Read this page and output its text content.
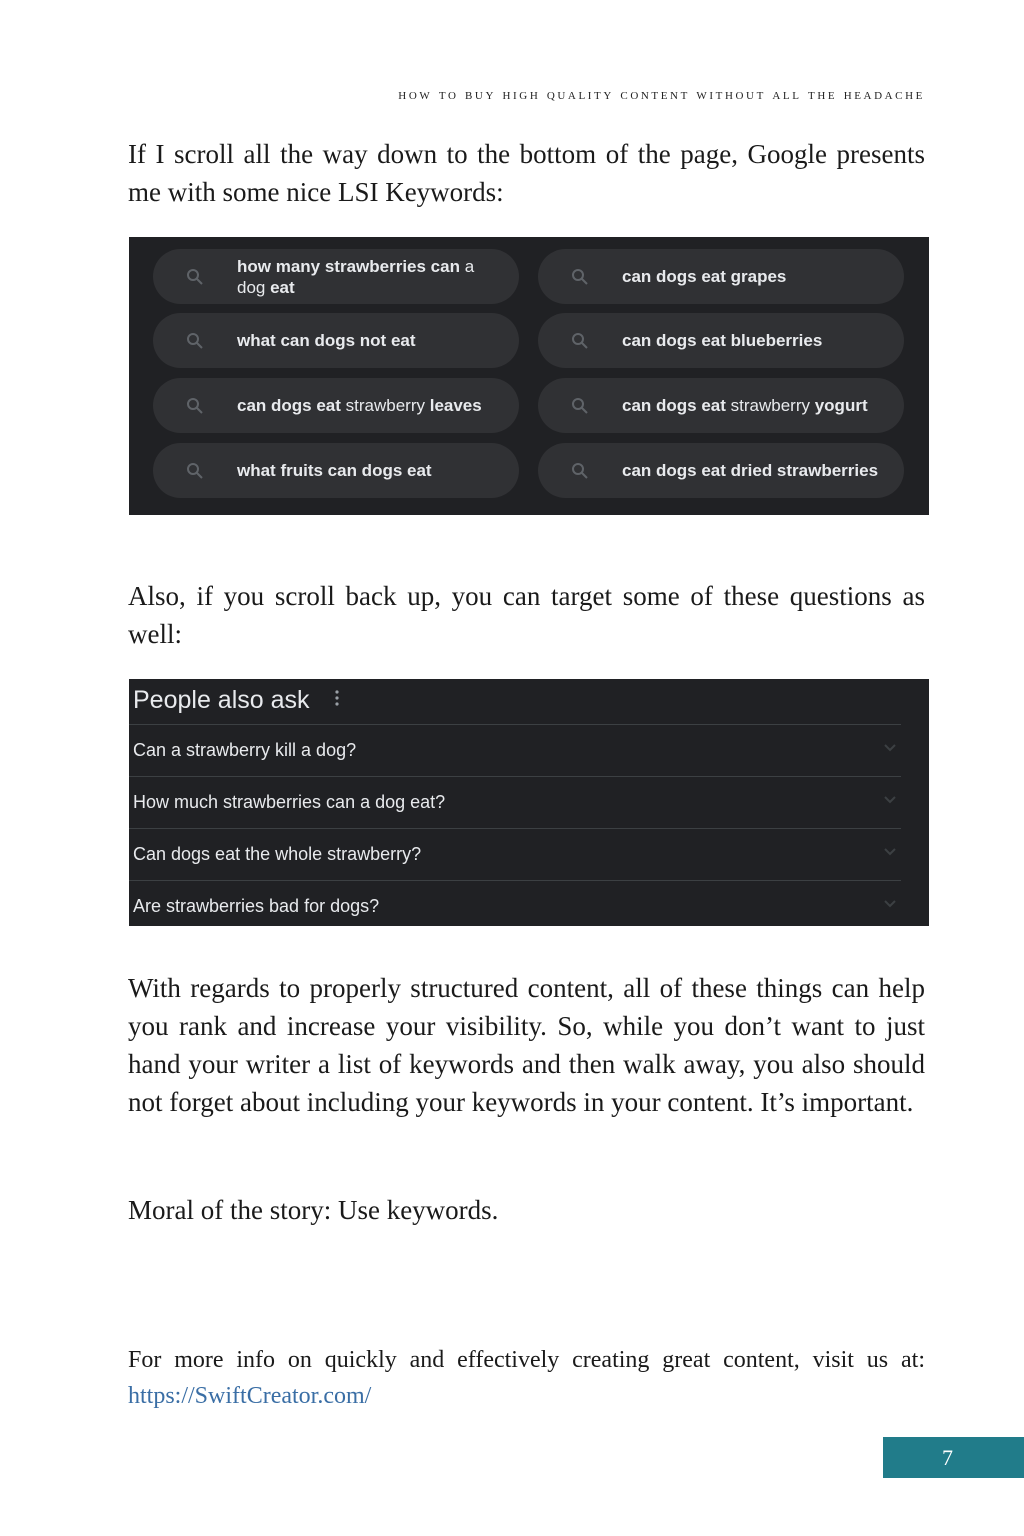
how to buy high quality content without all the headache

If I scroll all the way down to the bottom of the page, Google presents me with some nice LSI Keywords:

how many strawberries can a dog eat
can dogs eat grapes
what can dogs not eat	can dogs eat blueberries
can dogs eat strawberry leaves	can dogs eat strawberry yogurt
what fruits can dogs eat	can dogs eat dried strawberries

Also, if you scroll back up, you can target some of these questions as well:

People also ask
Can a strawberry kill a dog?
How much strawberries can a dog eat?
Can dogs eat the whole strawberry?
Are strawberries bad for dogs?

With regards to properly structured content, all of these things can help you rank and increase your visibility. So, while you don’t want to just hand your writer a list of keywords and then walk away, you also should not forget about including your keywords in your content. It’s important.

Moral of the story: Use keywords.

For more info on quickly and effectively creating great content, visit us at: https://SwiftCreator.com/

7
